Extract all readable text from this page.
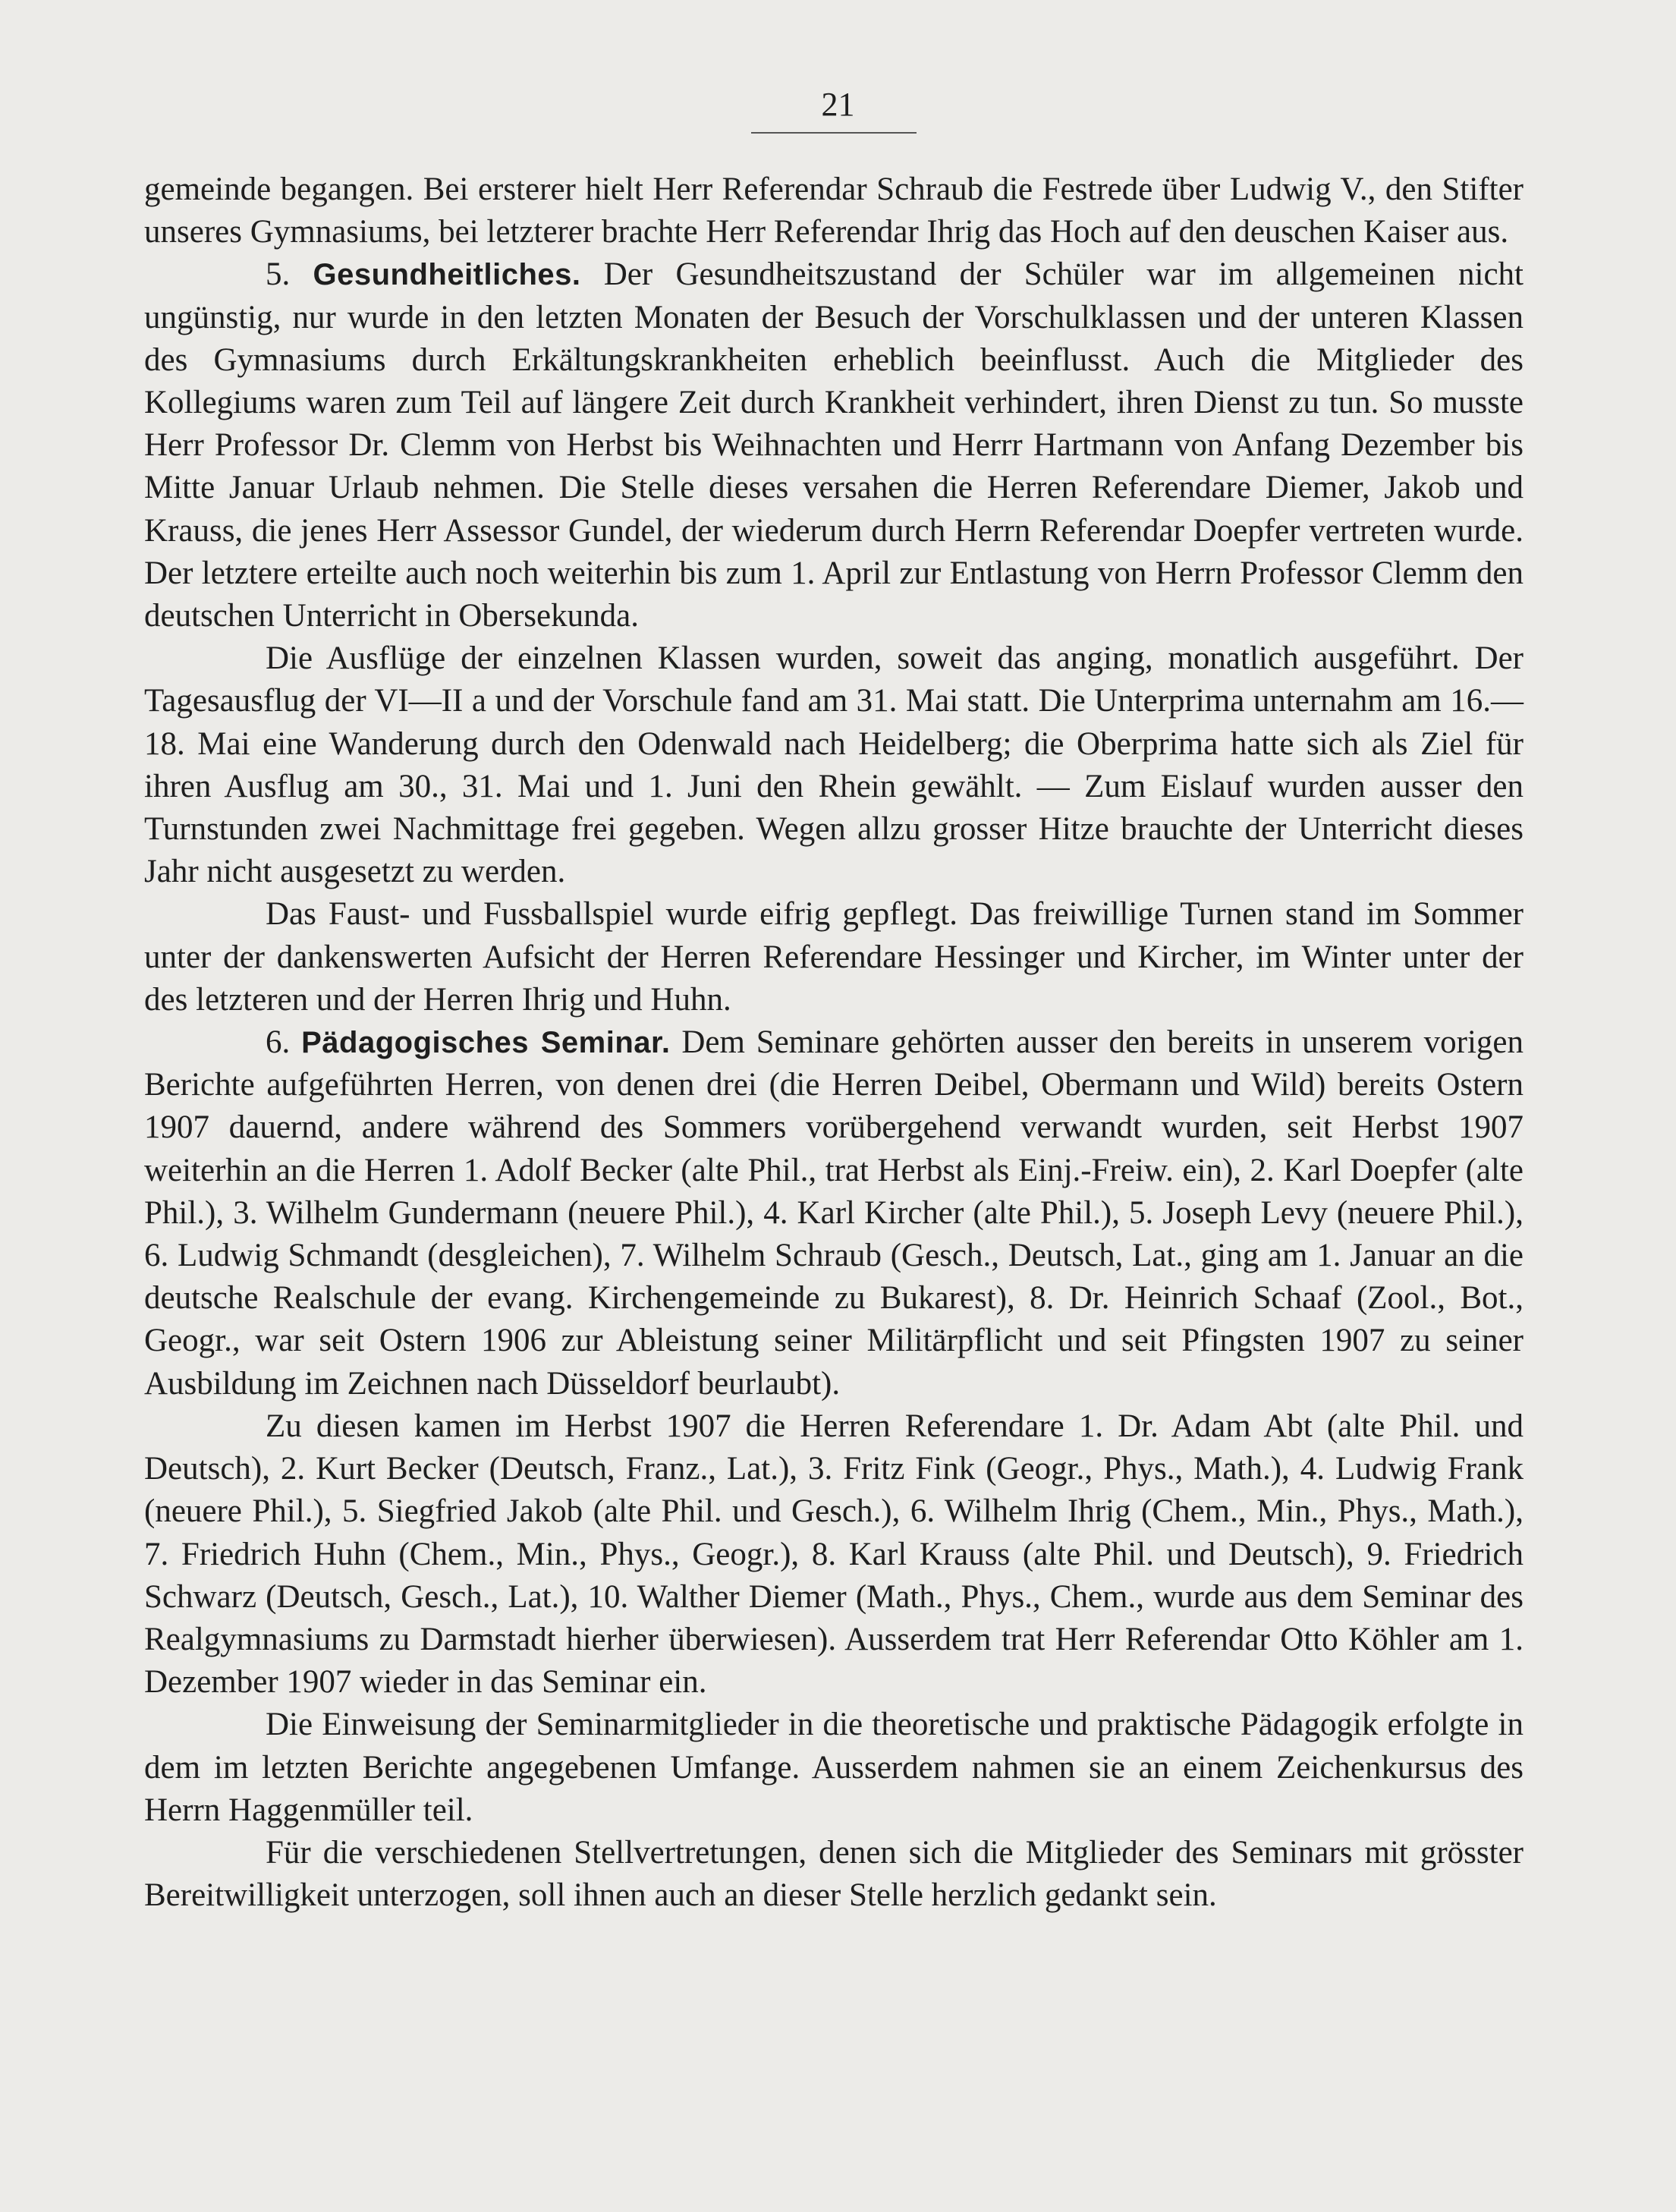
21

gemeinde begangen. Bei ersterer hielt Herr Referendar Schraub die Festrede über Ludwig V., den Stifter unseres Gymnasiums, bei letzterer brachte Herr Referendar Ihrig das Hoch auf den deuschen Kaiser aus.

5. Gesundheitliches. Der Gesundheitszustand der Schüler war im allgemeinen nicht ungünstig, nur wurde in den letzten Monaten der Besuch der Vorschulklassen und der unteren Klassen des Gymnasiums durch Erkältungskrankheiten erheblich beeinflusst. Auch die Mitglieder des Kollegiums waren zum Teil auf längere Zeit durch Krankheit verhindert, ihren Dienst zu tun. So musste Herr Professor Dr. Clemm von Herbst bis Weihnachten und Herrr Hartmann von Anfang Dezember bis Mitte Januar Urlaub nehmen. Die Stelle dieses versahen die Herren Referendare Diemer, Jakob und Krauss, die jenes Herr Assessor Gundel, der wiederum durch Herrn Referendar Doepfer vertreten wurde. Der letztere erteilte auch noch weiterhin bis zum 1. April zur Entlastung von Herrn Professor Clemm den deutschen Unterricht in Obersekunda.

Die Ausflüge der einzelnen Klassen wurden, soweit das anging, monatlich ausgeführt. Der Tagesausflug der VI—II a und der Vorschule fand am 31. Mai statt. Die Unterprima unternahm am 16.—18. Mai eine Wanderung durch den Odenwald nach Heidelberg; die Oberprima hatte sich als Ziel für ihren Ausflug am 30., 31. Mai und 1. Juni den Rhein gewählt. — Zum Eislauf wurden ausser den Turnstunden zwei Nachmittage frei gegeben. Wegen allzu grosser Hitze brauchte der Unterricht dieses Jahr nicht ausgesetzt zu werden.

Das Faust- und Fussballspiel wurde eifrig gepflegt. Das freiwillige Turnen stand im Sommer unter der dankenswerten Aufsicht der Herren Referendare Hessinger und Kircher, im Winter unter der des letzteren und der Herren Ihrig und Huhn.

6. Pädagogisches Seminar. Dem Seminare gehörten ausser den bereits in unserem vorigen Berichte aufgeführten Herren, von denen drei (die Herren Deibel, Obermann und Wild) bereits Ostern 1907 dauernd, andere während des Sommers vorübergehend verwandt wurden, seit Herbst 1907 weiterhin an die Herren 1. Adolf Becker (alte Phil., trat Herbst als Einj.-Freiw. ein), 2. Karl Doepfer (alte Phil.), 3. Wilhelm Gundermann (neuere Phil.), 4. Karl Kircher (alte Phil.), 5. Joseph Levy (neuere Phil.), 6. Ludwig Schmandt (desgleichen), 7. Wilhelm Schraub (Gesch., Deutsch, Lat., ging am 1. Januar an die deutsche Realschule der evang. Kirchengemeinde zu Bukarest), 8. Dr. Heinrich Schaaf (Zool., Bot., Geogr., war seit Ostern 1906 zur Ableistung seiner Militärpflicht und seit Pfingsten 1907 zu seiner Ausbildung im Zeichnen nach Düsseldorf beurlaubt).

Zu diesen kamen im Herbst 1907 die Herren Referendare 1. Dr. Adam Abt (alte Phil. und Deutsch), 2. Kurt Becker (Deutsch, Franz., Lat.), 3. Fritz Fink (Geogr., Phys., Math.), 4. Ludwig Frank (neuere Phil.), 5. Siegfried Jakob (alte Phil. und Gesch.), 6. Wilhelm Ihrig (Chem., Min., Phys., Math.), 7. Friedrich Huhn (Chem., Min., Phys., Geogr.), 8. Karl Krauss (alte Phil. und Deutsch), 9. Friedrich Schwarz (Deutsch, Gesch., Lat.), 10. Walther Diemer (Math., Phys., Chem., wurde aus dem Seminar des Realgymnasiums zu Darmstadt hierher überwiesen). Ausserdem trat Herr Referendar Otto Köhler am 1. Dezember 1907 wieder in das Seminar ein.

Die Einweisung der Seminarmitglieder in die theoretische und praktische Pädagogik erfolgte in dem im letzten Berichte angegebenen Umfange. Ausserdem nahmen sie an einem Zeichenkursus des Herrn Haggenmüller teil.

Für die verschiedenen Stellvertretungen, denen sich die Mitglieder des Seminars mit grösster Bereitwilligkeit unterzogen, soll ihnen auch an dieser Stelle herzlich gedankt sein.
